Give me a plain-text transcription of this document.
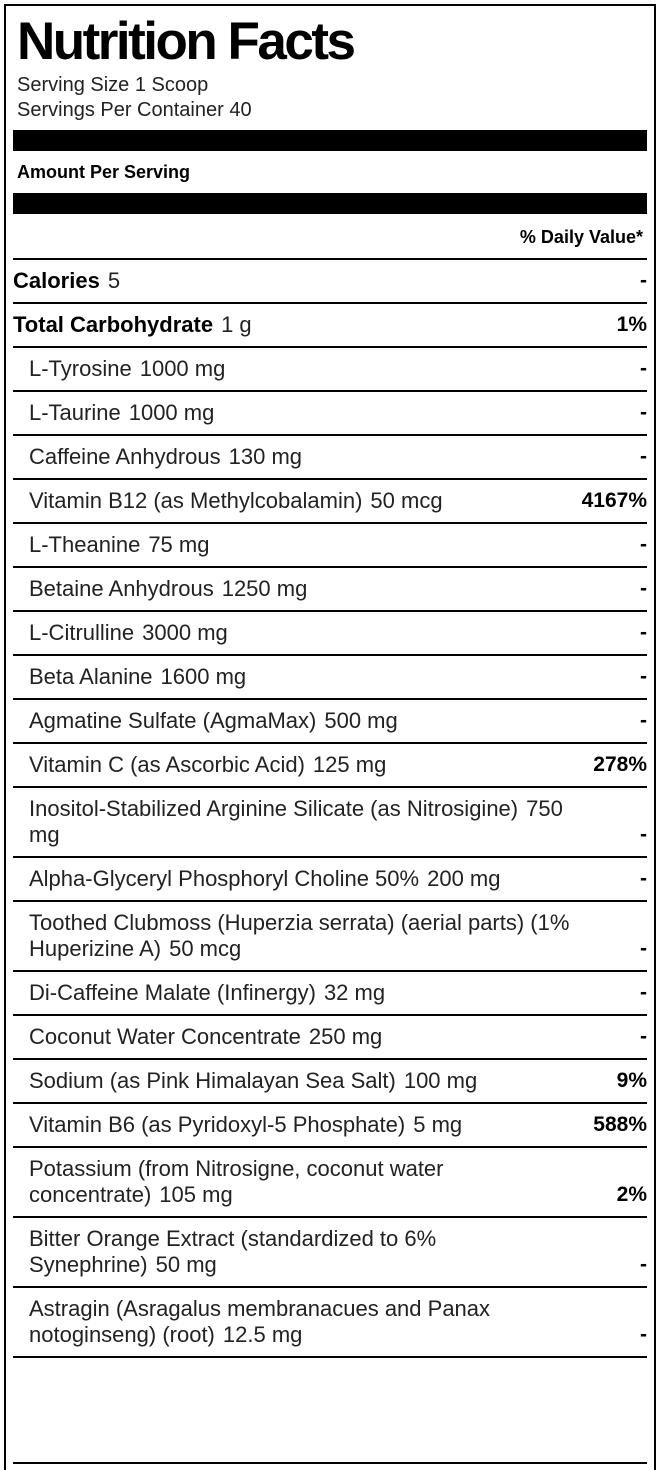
Nutrition Facts
Serving Size 1 Scoop
Servings Per Container 40
Amount Per Serving
% Daily Value*
Calories 5	-
Total Carbohydrate 1 g	1%
L-Tyrosine 1000 mg	-
L-Taurine 1000 mg	-
Caffeine Anhydrous 130 mg	-
Vitamin B12 (as Methylcobalamin) 50 mcg	4167%
L-Theanine 75 mg	-
Betaine Anhydrous 1250 mg	-
L-Citrulline 3000 mg	-
Beta Alanine 1600 mg	-
Agmatine Sulfate (AgmaMax) 500 mg	-
Vitamin C (as Ascorbic Acid) 125 mg	278%
Inositol-Stabilized Arginine Silicate (as Nitrosigine) 750 mg	-
Alpha-Glyceryl Phosphoryl Choline 50% 200 mg	-
Toothed Clubmoss (Huperzia serrata) (aerial parts) (1% Huperizine A) 50 mcg	-
Di-Caffeine Malate (Infinergy) 32 mg	-
Coconut Water Concentrate 250 mg	-
Sodium (as Pink Himalayan Sea Salt) 100 mg	9%
Vitamin B6 (as Pyridoxyl-5 Phosphate) 5 mg	588%
Potassium (from Nitrosigne, coconut water concentrate) 105 mg	2%
Bitter Orange Extract (standardized to 6% Synephrine) 50 mg	-
Astragin (Asragalus membranacues and Panax notoginseng) (root) 12.5 mg	-
